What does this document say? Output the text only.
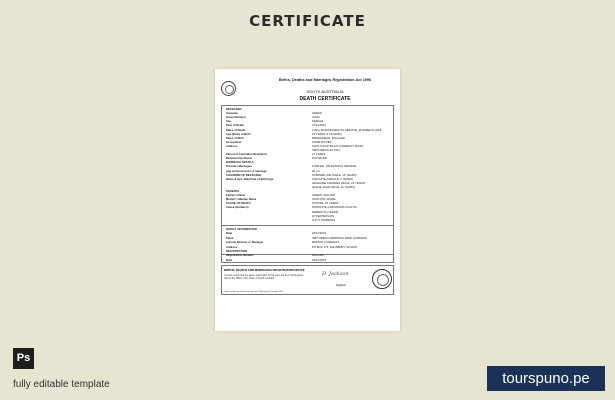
CERTIFICATE
Births, Deaths and Marriages Registration Act 1996
SOUTH AUSTRALIA
DEATH CERTIFICATE
DECEASED
Surname	GREEN
Given Name(s)	JOHN
Sex	FEMALE
Date of Death	27/11/2023
Place of Death	LYELL MCEWIN HEALTH SERVICE, ELIZABETH VALE
Age (Date) of Birth	23 YEARS (17/11/2000)
Place of Birth	BIRKENHEAD, ENGLAND
Occupation	HOME DUTIES
Address	SOUTH AUSTRALIA CURRENCY ROAD
SMITHFIELD SA 5114
Period of Australian Residence	27 YEARS
Relationship Status	DIVORCED
MARRIAGE DETAILS
Previous Marriages	FOWLER, JIM FRANCIS GEORGE
Age at Occurrence of marriage	22 yrs
CHILDREN OF DECEASED	STEPHEN JOE (MALE, 19 YEARS)
Name & Sex, Date/Year of Birth/Age	ANN KATE (FEMALE, 2 YEARS)
GRAHAME CHARLES (MALE, 23 YEARS)
LESLIE JOHN (MALE, 31 YEARS)
PARENTS
Father's Name	GREEN, WILLIAM
Mother's Maiden Name	STANTON, MARIE
CAUSE OF DEATH	STROKE, 75 YEARS
Cause (Duration)	PROSTATE CARCINOMA (6 DAYS)
DEMENTIA (YEARS)
HYPERTENSION
GOUT, DIABETES
BURIAL INFORMATION
Date	18/12/2023
Place	SMITHFIELD MEMORIAL PARK GARDENS
Funeral Director or Manager	BAPTIST FUNERALS
Address	PO BOX 175, SALISBURY SA 5108
REGISTRATION
Registration Number	2023/396
Date	18/12/2023
BIRTHS, DEATHS AND MARRIAGES REGISTRATION OFFICE
I hereby certify that the above particulars of this entry are from the Register held in the Office in the State of South Australia
Given under my hand and seal this 18th Day of October 2023
D. Jackson
Registrar
Ps
fully editable template	tourspuno.pe
